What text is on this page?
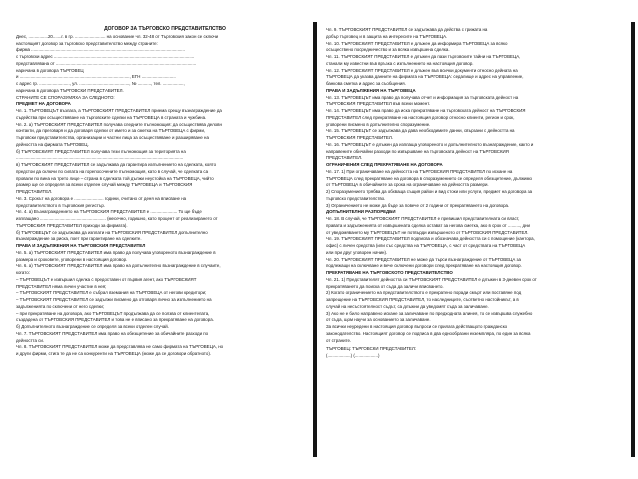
ДОГОВОР ЗА ТЪРГОВСКО ПРЕДСТАВИТЕЛСТВО
Днес, ................20.......г. в гр. ......................... на основание чл. 32-48 от Търговския закон се сключи
настоящият договор за търговско представителство между страните:
фирма ..............................................................................................................................
с търговски адрес ...................................................................................................................
представлявана от ...................................................................................................................
наричана в договора ТЪРГОВЕЦ
и .........................................................................................., ЕГН ............................
с адрес гр. ........................., ул. ........................................., № ..........., тел. .................,
наричана в договора ТЪРГОВСКИ ПРЕДСТАВИТЕЛ.
СТРАНИТЕ СЕ СПОРАЗУМЯХА ЗА СЛЕДНОТО:
ПРЕДМЕТ НА ДОГОВОРА
Чл. 1. ТЪРГОВЕЦЪТ възлага, а ТЪРГОВСКИЯТ ПРЕДСТАВИТЕЛ приема срещу възнаграждение да
съдейства при осъществяване на търговските сделки на ТЪРГОВЕЦА в страната и чужбина.
Чл. 2. а) ТЪРГОВСКИЯТ ПРЕДСТАВИТЕЛ получава следните пълномощия: да осъществява деловн
контакти, да преговаря и да договаря сделки от името и за сметка на ТЪРГОВЕЦА с фирми,
търговски представителства, организации и частни лица за осъществяване и разширяване на
дейността на фирмата ТЪРГОВЕЦ.
б) ТЪРГОВСКИЯТ ПРЕДСТАВИТЕЛ получава тези пълномощия за територията на
.........................................................................................................................................
в) ТЪРГОВСКИЯТ ПРЕДСТАВИТЕЛ се задължава да гарантира изпълнението на сделката, която
предстои да сключи по силата на горепосочените пълномощия, като в случай, че сделката са
провали по вина на трето лице – страна в сделката той дължи неустойка на ТЪРГОВЕЦА, чийто
размер ще се определя за всеки отделен случай между ТЪРГОВЕЦА и ТЪРГОВСКИЯ
ПРЕДСТАВИТЕЛ.
Чл. 3. Срокът на договора е ........................ години, считано от деня на вписване на
представителството в търговския регистър.
Чл. 4. а) Възнаграждението на ТЪРГОВСКИЯ ПРЕДСТАВИТЕЛ е ...................... То ще бъде
изплащано ...................................................... (месечно, годишно, като процент от реализирането от
ТЪРГОВСКИЯ ПРЕДСТАВИТЕЛ приходи за фирмата).
б) ТЪРГОВЕЦЪТ се задължава да изплати на ТЪРГОВСКИЯ ПРЕДСТАВИТЕЛ допълнително
възнаграждение за рискa, поет при гарантиране на сделките.
ПРАВА И ЗАДЪЛЖЕНИЯ НА ТЪРГОВСКИЯ ПРЕДСТАВИТЕЛ
Чл. 5. а) ТЪРГОВСКИЯТ ПРЕДСТАВИТЕЛ има право да получава уговореното възнаграждение в
размера и сроковете, уговорени в настоящия договор.
Чл. 6. а) ТЪРГОВСКИЯТ ПРЕДСТАВИТЕЛ има право на допълнително възнаграждение в случаите,
когато:
– ТЪРГОВЕЦЪТ е извършил сделка с предоставен от първия агент, ако ТЪРГОВСКИЯТ
ПРЕДСТАВИТЕЛ няма личен участие в нея;
– ТЪРГОВСКИЯТ ПРЕДСТАВИТЕЛ е събрал вземания на ТЪРГОВЕЦА от негови кредитори;
– ТЪРГОВСКИЯТ ПРЕДСТАВИТЕЛ се задължи писмено да отговаря лично за изпълнението на
задълженията по сключени от него сделки;
– при прекратяване на договора, ако ТЪРГОВЕЦЪТ продължава да се ползва от клиентелата,
създадена от ТЪРГОВСКИЯ ПРЕДСТАВИТЕЛ и това не е вписано за прекратяване на договора.
б) Допълнителното възнаграждение се определя за всеки отделен случай.
Чл. 7. ТЪРГОВСКИЯТ ПРЕДСТАВИТЕЛ има право на обезщетение за обичайните разходи по
дейността си.
Чл. 8. ТЪРГОВСКИЯТ ПРЕДСТАВИТЕЛ може да представлява не само фирмата на ТЪРГОВЕЦА, но
и други фирми, стига те да не са конкуренти на ТЪРГОВЕЦА (може да се договори обратното).
Чл. 9. ТЪРГОВСКИЯТ ПРЕДСТАВИТЕЛ се задължава да действа с грижата на
добър търговец и в защита на интересите на ТЪРГОВЕЦА.
Чл. 10. ТЪРГОВСКИЯТ ПРЕДСТАВИТЕЛ е длъжен да информира ТЪРГОВЕЦА за всяко
осъществено посредничество и за всяка извършена сделка.
Чл. 11. ТЪРГОВСКИЯТ ПРЕДСТАВИТЕЛ е длъжен да пази търговските тайни на ТЪРГОВЕЦА,
станали му известни във връзка с изпълнението на настоящия договор.
Чл. 12. ТЪРГОВСКИЯТ ПРЕДСТАВИТЕЛ е длъжен във всички документи относно дейната на
ТЪРГОВЕЦА да указва данните на фирмата на ТЪРГОВЕЦА: седалище и адрес на управление,
банкова сметка и адрес за съобщения.
ПРАВА И ЗАДЪЛЖЕНИЯ НА ТЪРГОВЕЦА
Чл. 13. ТЪРГОВЕЦЪТ има право да получава отчет и информация за търговската дейност на
ТЪРГОВСКИЯ ПРЕДСТАВИТЕЛ във всеки момент.
Чл. 14. ТЪРГОВЕЦЪТ има право да иска прекратяване на търговската дейност на ТЪРГОВСКИЯ
ПРЕДСТАВИТЕЛ след прекратяване на настоящия договор относно клиенти, регион и срок,
уговорени писмено в допълнително споразумение.
Чл. 15. ТЪРГОВЕЦЪТ се задължава да дава необходимите данни, свързани с дейността на
ТЪРГОВСКИЯ ПРЕДСТАВИТЕЛ.
Чл. 16. ТЪРГОВЕЦЪТ е длъжен да изплаща уговореното и допълнителното възнаграждение, както и
направените обичайни разходи по извършване на търговската дейност на ТЪРГОВСКИЯ
ПРЕДСТАВИТЕЛ.
ОГРАНИЧЕНИЯ СЛЕД ПРЕКРАТЯВАНЕ НА ДОГОВОРА
Чл. 17. 1) При ограничаване на дейността на ТЪРГОВСКИЯ ПРЕДСТАВИТЕЛ по искане на
ТЪРГОВЕЦА след прекратяване на договора в споразумението се определя обезщетение, дължимо
от ТЪРГОВЕЦА в обичайните за срока на ограничаване на дейността размери.
2) Споразумението трябва да обхваща същия район и вид стоки или услуги, предмет на договора за
търговско представителство.
3) Ограничението не може да бъде за повече от 2 години от прекратяването на договора.
ДОПЪЛНИТЕЛНИ РАЗПОРЕДБИ
Чл. 18. В случай, че ТЪРГОВСКИЯТ ПРЕДСТАВИТЕЛ е превишил представителната си власт,
правата и задълженията от извършената сделка остават за негова сметка, ако в срок от .........., дни
от уведомяването му ТЪРГОВЕЦЪТ не потвърди извършеното от ТЪРГОВСКИЯ ПРЕДСТАВИТЕЛ.
Чл. 19. ТЪРГОВСКИЯТ ПРЕДСТАВИТЕЛ подписва и обозначава дейността си с помощение (кантора,
офис) с личен средства (или със средства на ТЪРГОВЕЦА, с част от средствата на ТЪРГОВЕЦА
или при друг уговорен начин).
Чл. 20. ТЪРГОВСКИЯТ ПРЕДСТАВИТЕЛ не може да търси възнаграждение от ТЪРГОВЕЦА за
подлежащи на сключване и вече сключени договори след прекратяване на настоящия договор.
ПРЕКРАТЯВАНЕ НА ТЪРГОВСКОТО ПРЕДСТАВИТЕЛСТВО
Чл. 21. 1) Представителят дейността си ТЪРГОВСКИЯТ ПРЕДСТАВИТЕЛ е длъжен в 3-дневен срок от
прекратяването да поиска от съда да заличи вписването.
2) Когато ограничението на представителството е прекратено поради смърт или поставяне под
запрещение на ТЪРГОВСКИЯ ПРЕДСТАВИТЕЛ, то наследниците, съответно настойникът, а в
случай на несъстоятелност съдът, са длъжни да уведомят съда за заличаване.
3) Ако не е било направено искане за заличаване по предходната алинея, то се извършва служебно
от съда, щом научи за основанието за заличаване.
За всички неуредени в настоящия договор въпроси се прилага действащото гражданско
законодателство. Настоящият договор се подписа в два еднообразни екземпляра, по един за всяка
от страните.
ТЪРГОВЕЦ: ТЪРГОВСКИ ПРЕДСТАВИТЕЛ:
(...................) (...................)
